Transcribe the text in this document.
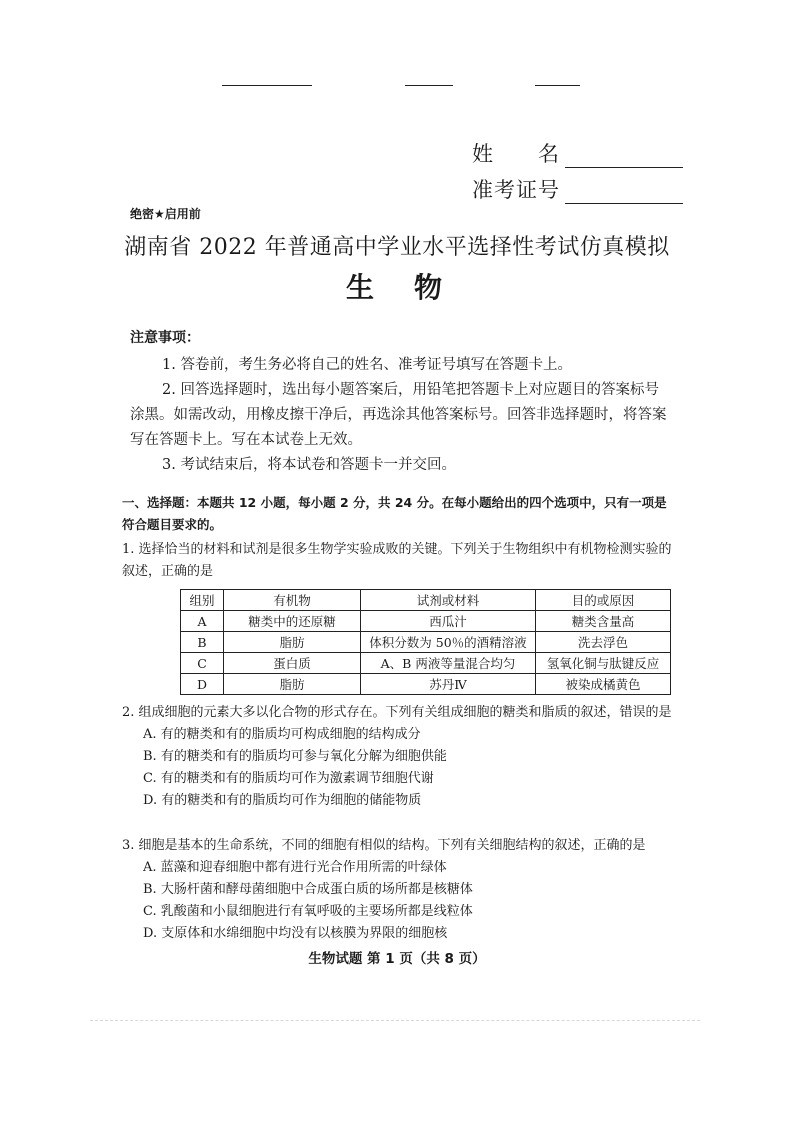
姓　　名
准考证号
绝密★启用前
湖南省 2022 年普通高中学业水平选择性考试仿真模拟
生　物
注意事项：

1. 答卷前，考生务必将自己的姓名、准考证号填写在答题卡上。

2. 回答选择题时，选出每小题答案后，用铅笔把答题卡上对应题目的答案标号涂黑。如需改动，用橡皮擦干净后，再选涂其他答案标号。回答非选择题时，将答案写在答题卡上。写在本试卷上无效。

3. 考试结束后，将本试卷和答题卡一并交回。

一、选择题：本题共 12 小题，每小题 2 分，共 24 分。在每小题给出的四个选项中，只有一项是符合题目要求的。
1. 选择恰当的材料和试剂是很多生物学实验成败的关键。下列关于生物组织中有机物检测实验的叙述，正确的是
组别	有机物	试剂或材料	目的或原因
A	糖类中的还原糖	西瓜汁	糖类含量高
B	脂肪	体积分数为 50％的酒精溶液	洗去浮色
C	蛋白质	A、B 两液等量混合均匀	氢氧化铜与肽键反应
D	脂肪	苏丹Ⅳ	被染成橘黄色
2. 组成细胞的元素大多以化合物的形式存在。下列有关组成细胞的糖类和脂质的叙述，错误的是
A. 有的糖类和有的脂质均可构成细胞的结构成分
B. 有的糖类和有的脂质均可参与氧化分解为细胞供能
C. 有的糖类和有的脂质均可作为激素调节细胞代谢
D. 有的糖类和有的脂质均可作为细胞的储能物质
3. 细胞是基本的生命系统，不同的细胞有相似的结构。下列有关细胞结构的叙述，正确的是
A. 蓝藻和迎春细胞中都有进行光合作用所需的叶绿体
B. 大肠杆菌和酵母菌细胞中合成蛋白质的场所都是核糖体
C. 乳酸菌和小鼠细胞进行有氧呼吸的主要场所都是线粒体
D. 支原体和水绵细胞中均没有以核膜为界限的细胞核
生物试题 第 1 页（共 8 页）
